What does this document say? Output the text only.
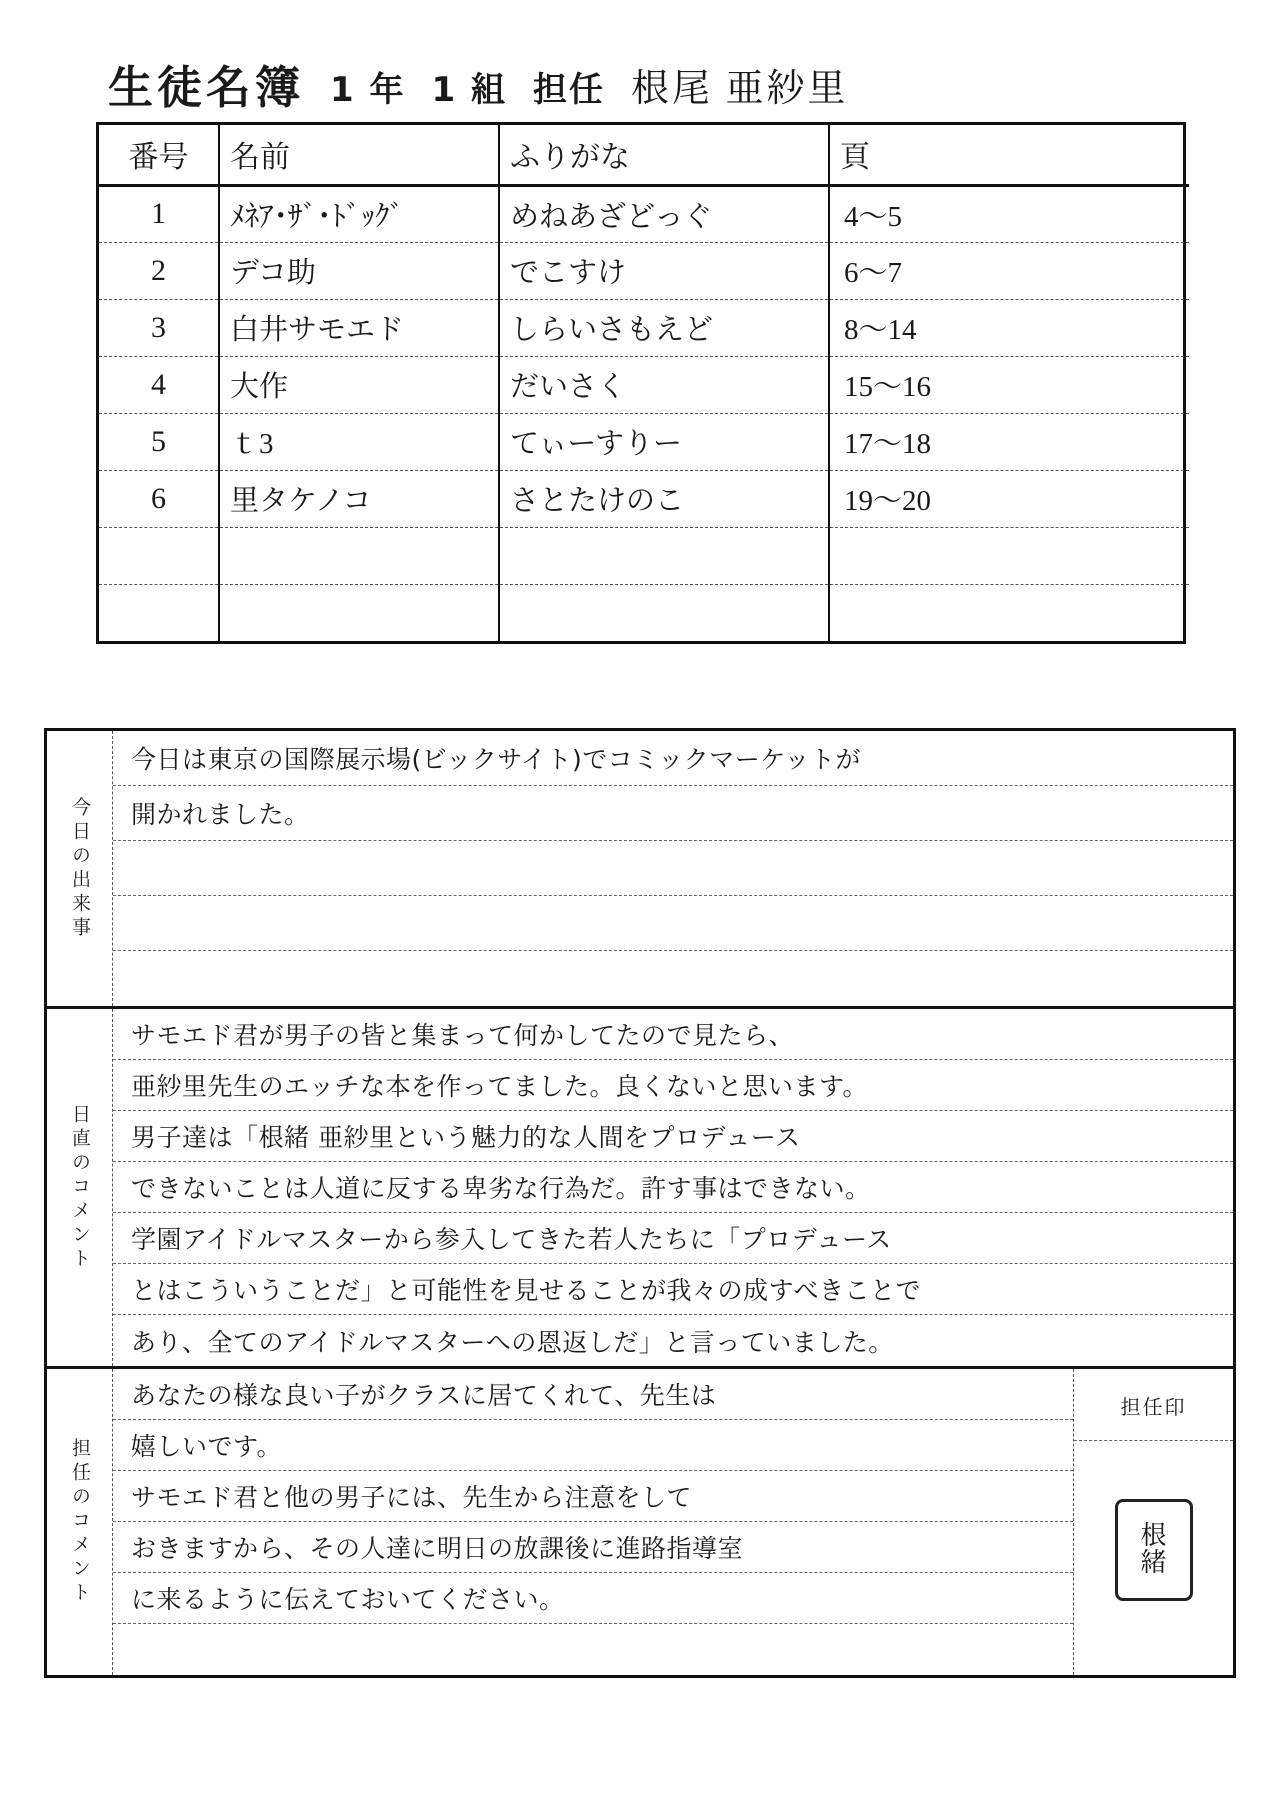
生徒名簿 1 年 1 組 担任 根尾 亜紗里
番号	名前	ふりがな	頁
1	ﾒﾈｱ･ｻﾞ･ﾄﾞｯｸﾞ	めねあざどっぐ	4〜5
2	デコ助	でこすけ	6〜7
3	白井サモエド	しらいさもえど	8〜14
4	大作	だいさく	15〜16
5	ｔ3	てぃーすりー	17〜18
6	里タケノコ	さとたけのこ	19〜20

今日の出来事
今日は東京の国際展示場(ビックサイト)でコミックマーケットが
開かれました。
日直のコメント
サモエド君が男子の皆と集まって何かしてたので見たら、
亜紗里先生のエッチな本を作ってました。良くないと思います。
男子達は「根緒 亜紗里という魅力的な人間をプロデュース
できないことは人道に反する卑劣な行為だ。許す事はできない。
学園アイドルマスターから参入してきた若人たちに「プロデュース
とはこういうことだ」と可能性を見せることが我々の成すべきことで
あり、全てのアイドルマスターへの恩返しだ」と言っていました。
担任のコメント
あなたの様な良い子がクラスに居てくれて、先生は
嬉しいです。
サモエド君と他の男子には、先生から注意をして
おきますから、その人達に明日の放課後に進路指導室
に来るように伝えておいてください。
担任印
根
緒
